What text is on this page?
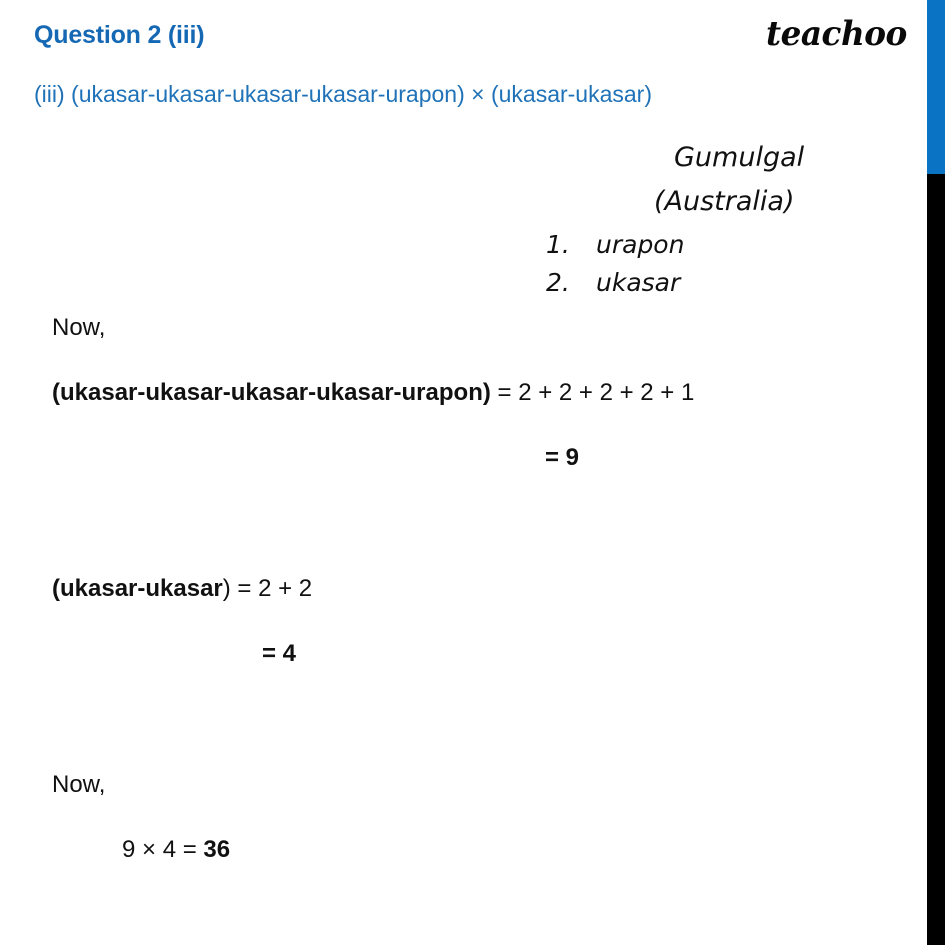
Question 2 (iii)	teachoo
(iii) (ukasar-ukasar-ukasar-ukasar-urapon) × (ukasar-ukasar)
Gumulgal
(Australia)
1. urapon
2. ukasar
Now,
(ukasar-ukasar-ukasar-ukasar-urapon) = 2 + 2 + 2 + 2 + 1
= 9
(ukasar-ukasar) = 2 + 2
= 4
Now,
9 × 4 = 36
